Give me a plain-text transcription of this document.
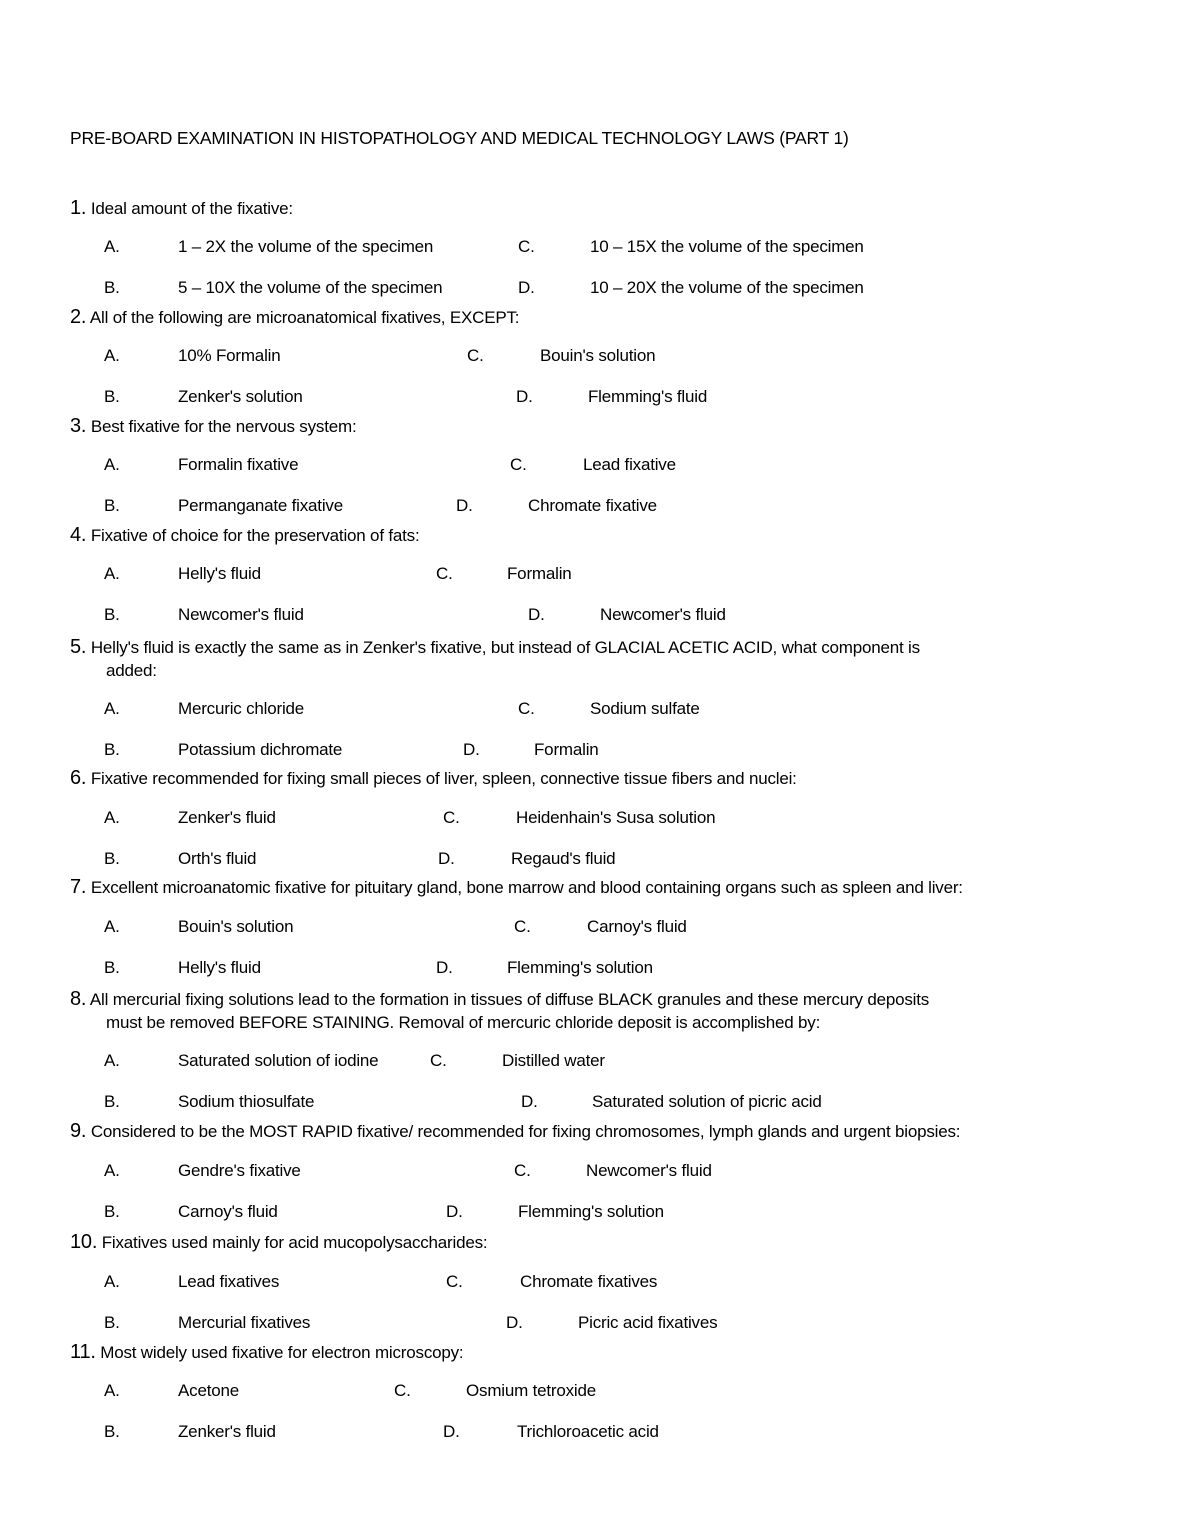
PRE-BOARD EXAMINATION IN HISTOPATHOLOGY AND MEDICAL TECHNOLOGY LAWS (PART 1)
1. Ideal amount of the fixative:
A.	1 – 2X the volume of the specimen	C.	10 – 15X the volume of the specimen
B.	5 – 10X the volume of the specimen	D.	10 – 20X the volume of the specimen
2. All of the following are microanatomical fixatives, EXCEPT:
A.	10% Formalin	C.	Bouin's solution
B.	Zenker's solution	D.	Flemming's fluid
3. Best fixative for the nervous system:
A.	Formalin fixative	C.	Lead fixative
B.	Permanganate fixative	D.	Chromate fixative
4. Fixative of choice for the preservation of fats:
A.	Helly's fluid	C.	Formalin
B.	Newcomer's fluid	D.	Newcomer's fluid
5. Helly's fluid is exactly the same as in Zenker's fixative, but instead of GLACIAL ACETIC ACID, what component is
added:
A.	Mercuric chloride	C.	Sodium sulfate
B.	Potassium dichromate	D.	Formalin
6. Fixative recommended for fixing small pieces of liver, spleen, connective tissue fibers and nuclei:
A.	Zenker's fluid	C.	Heidenhain's Susa solution
B.	Orth's fluid	D.	Regaud's fluid
7. Excellent microanatomic fixative for pituitary gland, bone marrow and blood containing organs such as spleen and liver:
A.	Bouin's solution	C.	Carnoy's fluid
B.	Helly's fluid	D.	Flemming's solution
8. All mercurial fixing solutions lead to the formation in tissues of diffuse BLACK granules and these mercury deposits
must be removed BEFORE STAINING. Removal of mercuric chloride deposit is accomplished by:
A.	Saturated solution of iodine	C.	Distilled water
B.	Sodium thiosulfate	D.	Saturated solution of picric acid
9. Considered to be the MOST RAPID fixative/ recommended for fixing chromosomes, lymph glands and urgent biopsies:
A.	Gendre's fixative	C.	Newcomer's fluid
B.	Carnoy's fluid	D.	Flemming's solution
10. Fixatives used mainly for acid mucopolysaccharides:
A.	Lead fixatives	C.	Chromate fixatives
B.	Mercurial fixatives	D.	Picric acid fixatives
11. Most widely used fixative for electron microscopy:
A.	Acetone	C.	Osmium tetroxide
B.	Zenker's fluid	D.	Trichloroacetic acid
